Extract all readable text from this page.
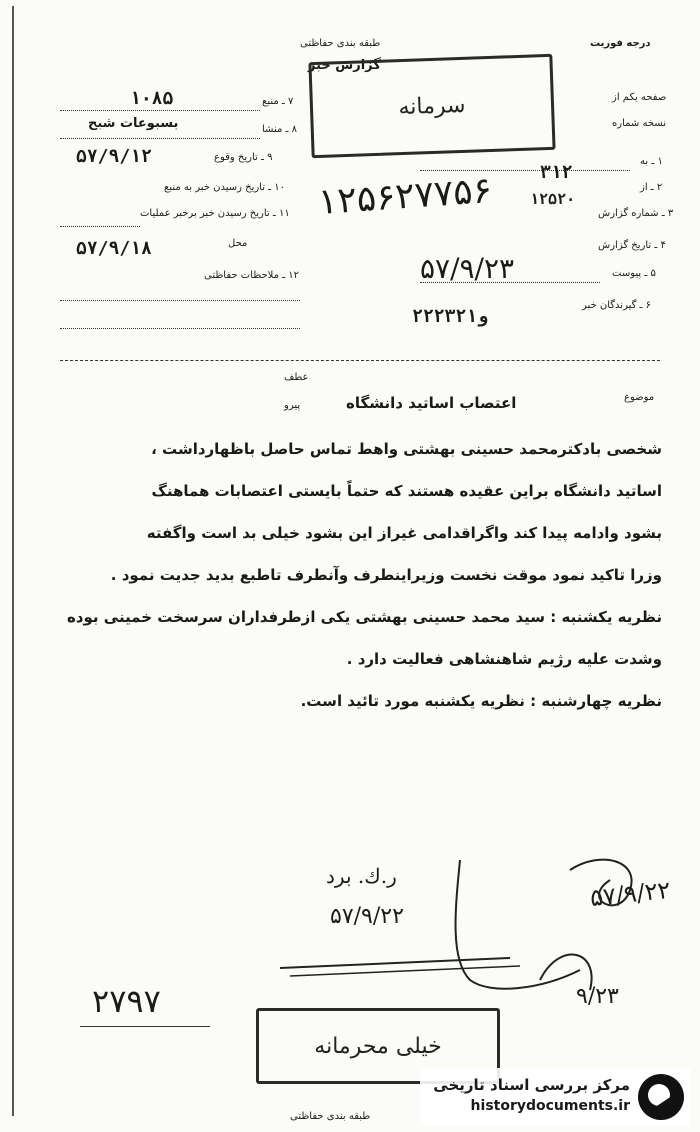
طبقه بندی حفاظتی
گزارش خبر
درجه فوریت
صفحه یکم از
نسخه شماره
سرمانه
۷ ـ منبع
۱۰۸۵
۸ ـ منشا
بسبوعات شبح
۹ ـ تاریخ وقوع
۵۷/۹/۱۲
۱۰ ـ تاریخ رسیدن خبر به منبع
۱۱ ـ تاریخ رسیدن خبر برخبر عملیات
محل
۵۷/۹/۱۸
۱۲ ـ ملاحظات حفاظتی
۱ ـ به
۲ ـ از
۳۱۲
۳ ـ شماره گزارش
۱۲۵۲۰
۴ ـ تاریخ گزارش
۵ ـ پیوست
۶ ـ گیرندگان خبر
۲۲۲و۳۲۱
۱۲۵۶۲۷۷۵۶
۵۷/۹/۲۳
عطف
پیرو
موضوع
اعتصاب اساتید دانشگاه
شخصی بادکترمحمد حسینی بهشتی واهط تماس حاصل باظهارداشت ،
اساتید دانشگاه براین عقیده هستند که حتماً بایستی اعتصابات هماهنگ
بشود وادامه پیدا کند واگراقدامی غیراز این بشود خیلی بد است واگفته
وزرا تاکید نمود موقت نخست وزیراینطرف وآنطرف تاطبع بدید جدیت نمود .
نظریه یکشنبه : سید محمد حسینی بهشتی یکی ازطرفداران سرسخت خمینی بوده
وشدت علیه رژیم شاهنشاهی فعالیت دارد .
نظریه چهارشنبه : نظریه یکشنبه مورد تائید است.
ر.ك. برد
۵۷/۹/۲۲
۵۷/۹/۲۲
۹/۲۳
۲۷۹۷
خیلی محرمانه
طبقه بندی حفاظتی
مرکز بررسی اسناد تاریخی
historydocuments.ir
